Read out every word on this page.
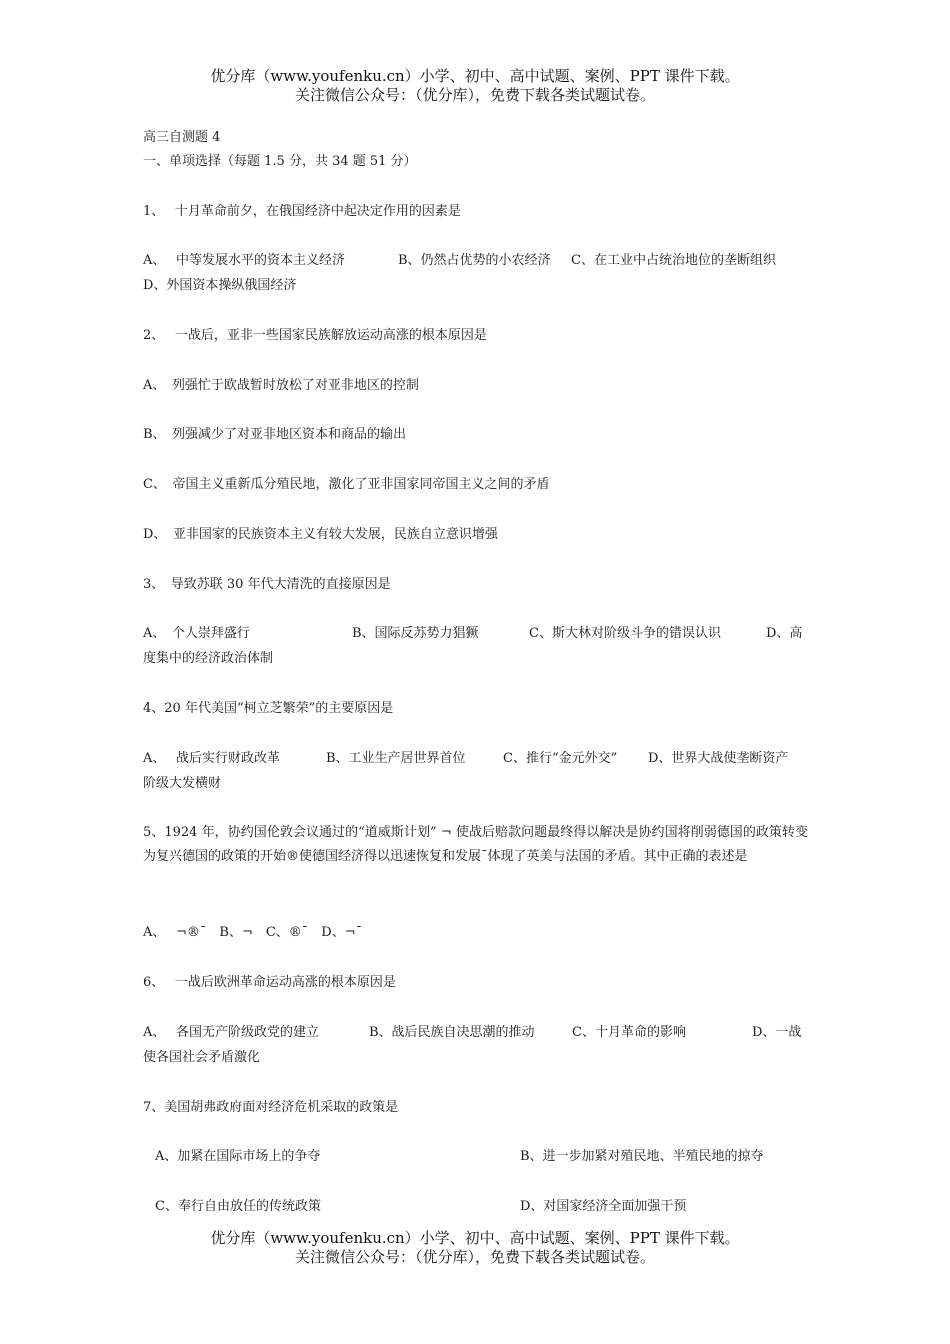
优分库（www.youfenku.cn）小学、初中、高中试题、案例、PPT 课件下载。
关注微信公众号：（优分库），免费下载各类试题试卷。
高三自测题 4
一、单项选择（每题 1.5 分，共 34 题 51 分）
1、　 十月革命前夕，在俄国经济中起决定作用的因素是
A、　 中等发展水平的资本主义经济	B、仍然占优势的小农经济 C、在工业中占统治地位的垄断组织
D、外国资本操纵俄国经济
2、　 一战后，亚非一些国家民族解放运动高涨的根本原因是
A、　列强忙于欧战暂时放松了对亚非地区的控制
B、　列强减少了对亚非地区资本和商品的输出
C、　帝国主义重新瓜分殖民地，激化了亚非国家同帝国主义之间的矛盾
D、　亚非国家的民族资本主义有较大发展，民族自立意识增强
3、　导致苏联 30 年代大清洗的直接原因是
A、　个人崇拜盛行	B、国际反苏势力猖獗	C、斯大林对阶级斗争的错误认识	D、高
度集中的经济政治体制
4、20 年代美国“柯立芝繁荣”的主要原因是
A、　 战后实行财政改革	B、工业生产居世界首位	C、推行“金元外交” D、世界大战使垄断资产
阶级大发横财
5、1924 年，协约国伦敦会议通过的“道威斯计划” ¬ 使战后赔款问题最终得以解决是协约国将削弱德国的政策转变为复兴德国的政策的开始®使德国经济得以迅速恢复和发展¯体现了英美与法国的矛盾。其中正确的表述是
A、　 ¬®¯　B、¬　C、®¯　D、¬¯
6、　 一战后欧洲革命运动高涨的根本原因是
A、　 各国无产阶级政党的建立	B、战后民族自决思潮的推动	C、十月革命的影响	D、一战
使各国社会矛盾激化
7、美国胡弗政府面对经济危机采取的政策是
A、加紧在国际市场上的争夺	B、进一步加紧对殖民地、半殖民地的掠夺
C、奉行自由放任的传统政策	D、对国家经济全面加强干预
优分库（www.youfenku.cn）小学、初中、高中试题、案例、PPT 课件下载。
关注微信公众号：（优分库），免费下载各类试题试卷。
